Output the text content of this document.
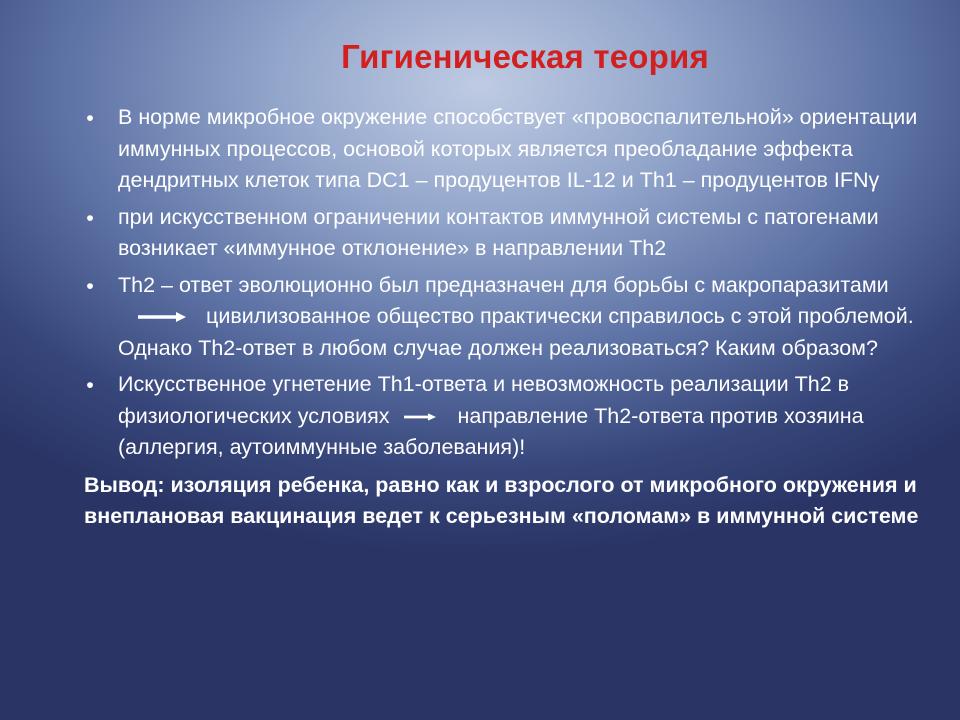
Гигиеническая теория
• В норме микробное окружение способствует «провоспалительной» ориентации иммунных процессов, основой которых является преобладание эффекта дендритных клеток типа DC1 – продуцентов IL-12 и Th1 – продуцентов IFNγ
• при искусственном ограничении контактов иммунной системы с патогенами возникает «иммунное отклонение» в направлении Th2
• Th2 – ответ эволюционно был предназначен для борьбы с макропаразитамицивилизованное общество практически справилось с этой проблемой. Однако Th2-ответ в любом случае должен реализоваться? Каким образом?
• Искусственное угнетение Th1-ответа и невозможность реализации Th2 в физиологических условиях	направление Th2-ответа против хозяина (аллергия, аутоиммунные заболевания)!
Вывод: изоляция ребенка, равно как и взрослого от микробного окружения и внеплановая вакцинация ведет к серьезным «поломам» в иммунной системе
